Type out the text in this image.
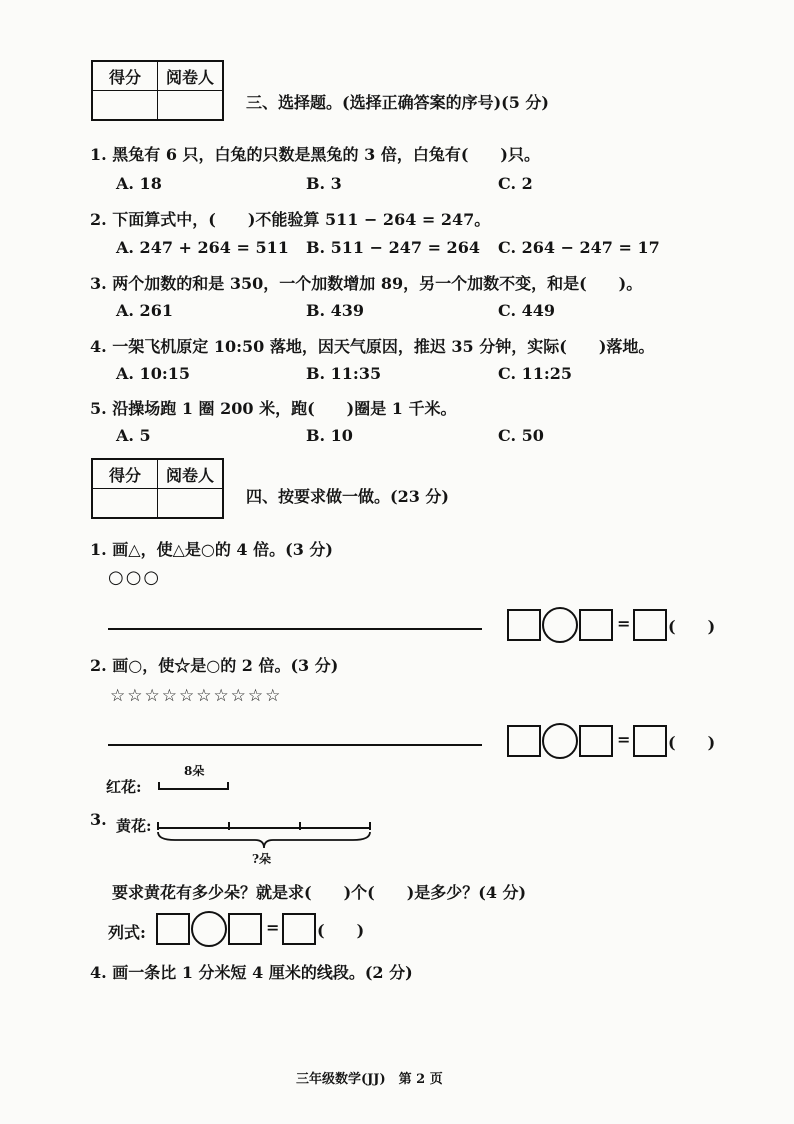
得分	阅卷人

三、选择题。(选择正确答案的序号)(5 分)
1. 黑兔有 6 只，白兔的只数是黑兔的 3 倍，白兔有(　　)只。
A. 18	B. 3	C. 2
2. 下面算式中，(　　)不能验算 511 − 264 = 247。
A. 247 + 264 = 511 B. 511 − 247 = 264 C. 264 − 247 = 17
3. 两个加数的和是 350，一个加数增加 89，另一个加数不变，和是(　　)。
A. 261	B. 439	C. 449
4. 一架飞机原定 10:50 落地，因天气原因，推迟 35 分钟，实际(　　)落地。
A. 10:15	B. 11:35	C. 11:25
5. 沿操场跑 1 圈 200 米，跑(　　)圈是 1 千米。
A. 5	B. 10	C. 50
得分	阅卷人

四、按要求做一做。(23 分)
1. 画△，使△是○的 4 倍。(3 分)
○○○
= (　　)
2. 画○，使☆是○的 2 倍。(3 分)
☆☆☆☆☆☆☆☆☆☆
= (　　)
8朵
红花:
3. 黄花:
?朵
要求黄花有多少朵？就是求(　　)个(　　)是多少？(4 分)
列式:	= (　　)
4. 画一条比 1 分米短 4 厘米的线段。(2 分)
三年级数学(JJ)　第 2 页
